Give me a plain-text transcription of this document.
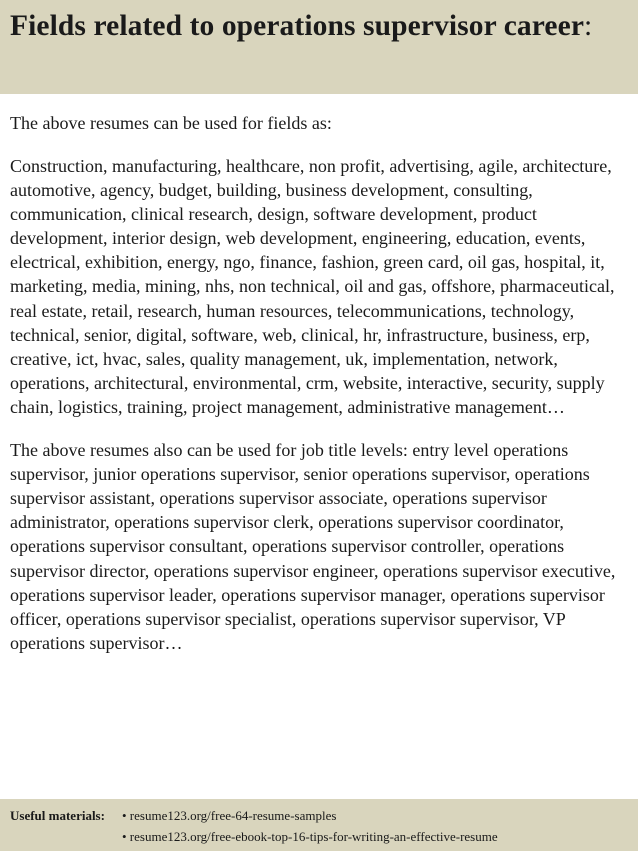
Fields related to operations supervisor career:

The above resumes can be used for fields as:

Construction, manufacturing, healthcare, non profit, advertising, agile, architecture, automotive, agency, budget, building, business development, consulting, communication, clinical research, design, software development, product development, interior design, web development, engineering, education, events, electrical, exhibition, energy, ngo, finance, fashion, green card, oil gas, hospital, it, marketing, media, mining, nhs, non technical, oil and gas, offshore, pharmaceutical, real estate, retail, research, human resources, telecommunications, technology, technical, senior, digital, software, web, clinical, hr, infrastructure, business, erp, creative, ict, hvac, sales, quality management, uk, implementation, network, operations, architectural, environmental, crm, website, interactive, security, supply chain, logistics, training, project management, administrative management…

The above resumes also can be used for job title levels: entry level operations supervisor, junior operations supervisor, senior operations supervisor, operations supervisor assistant, operations supervisor associate, operations supervisor administrator, operations supervisor clerk, operations supervisor coordinator, operations supervisor consultant, operations supervisor controller, operations supervisor director, operations supervisor engineer, operations supervisor executive, operations supervisor leader, operations supervisor manager, operations supervisor officer, operations supervisor specialist, operations supervisor supervisor, VP operations supervisor…

Useful materials: • resume123.org/free-64-resume-samples
• resume123.org/free-ebook-top-16-tips-for-writing-an-effective-resume
